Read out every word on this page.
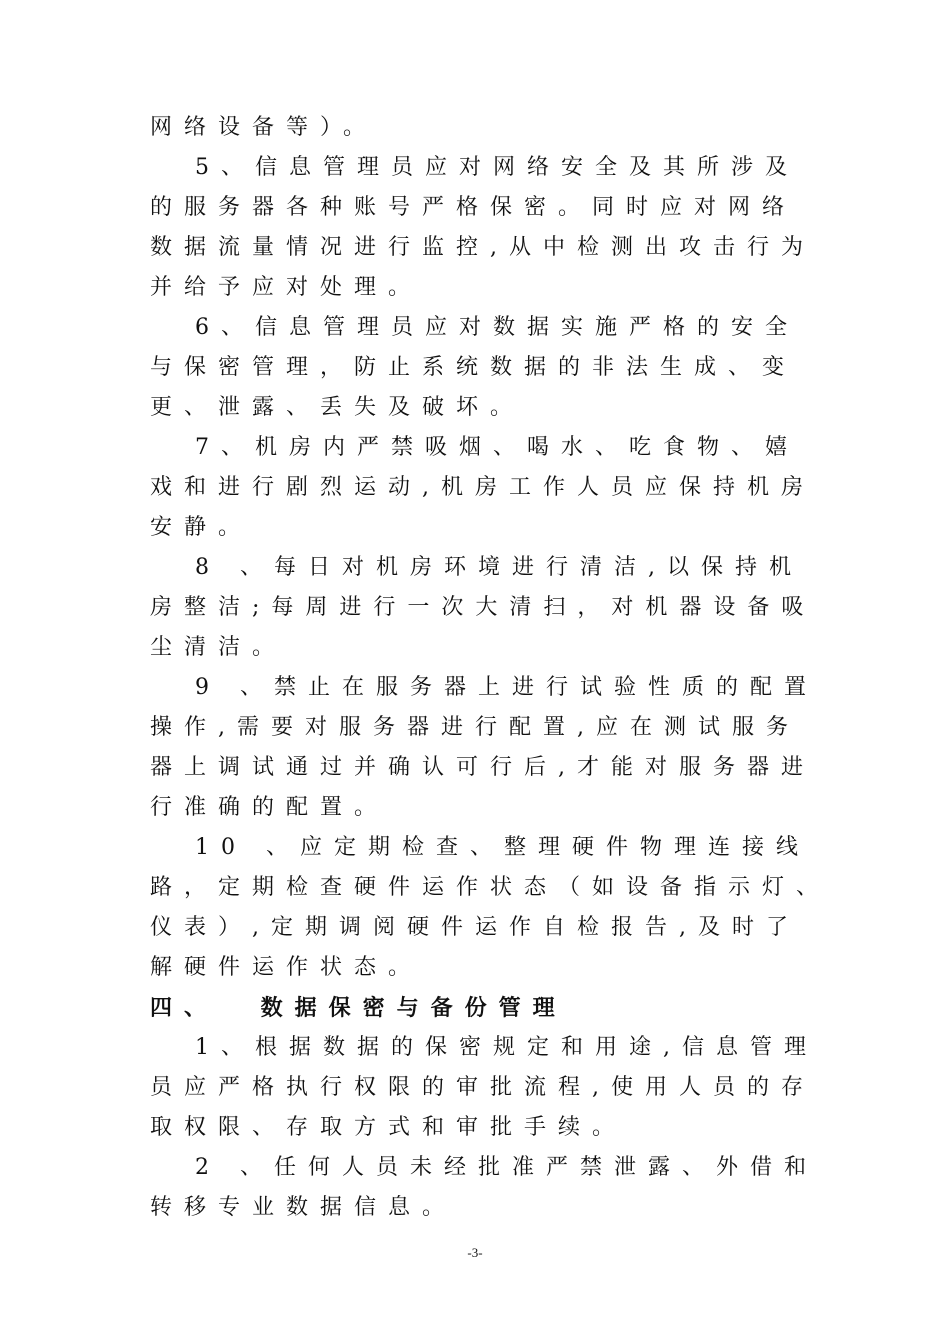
网络设备等）。
5、信息管理员应对网络安全及其所涉及
的服务器各种账号严格保密。同时应对网络
数据流量情况进行监控,从中检测出攻击行为
并给予应对处理。
6、信息管理员应对数据实施严格的安全
与保密管理，防止系统数据的非法生成、变
更、泄露、丢失及破坏。
7、机房内严禁吸烟、喝水、吃食物、嬉
戏和进行剧烈运动,机房工作人员应保持机房
安静。
8 、每日对机房环境进行清洁,以保持机
房整洁;每周进行一次大清扫，对机器设备吸
尘清洁。
9 、禁止在服务器上进行试验性质的配置
操作,需要对服务器进行配置,应在测试服务
器上调试通过并确认可行后,才能对服务器进
行准确的配置。
10 、应定期检查、整理硬件物理连接线
路，定期检查硬件运作状态（如设备指示灯、
仪表）,定期调阅硬件运作自检报告,及时了
解硬件运作状态。
四、　 数据保密与备份管理
1、根据数据的保密规定和用途,信息管理
员应严格执行权限的审批流程,使用人员的存
取权限、存取方式和审批手续。
2 、任何人员未经批准严禁泄露、外借和
转移专业数据信息。
-3-
